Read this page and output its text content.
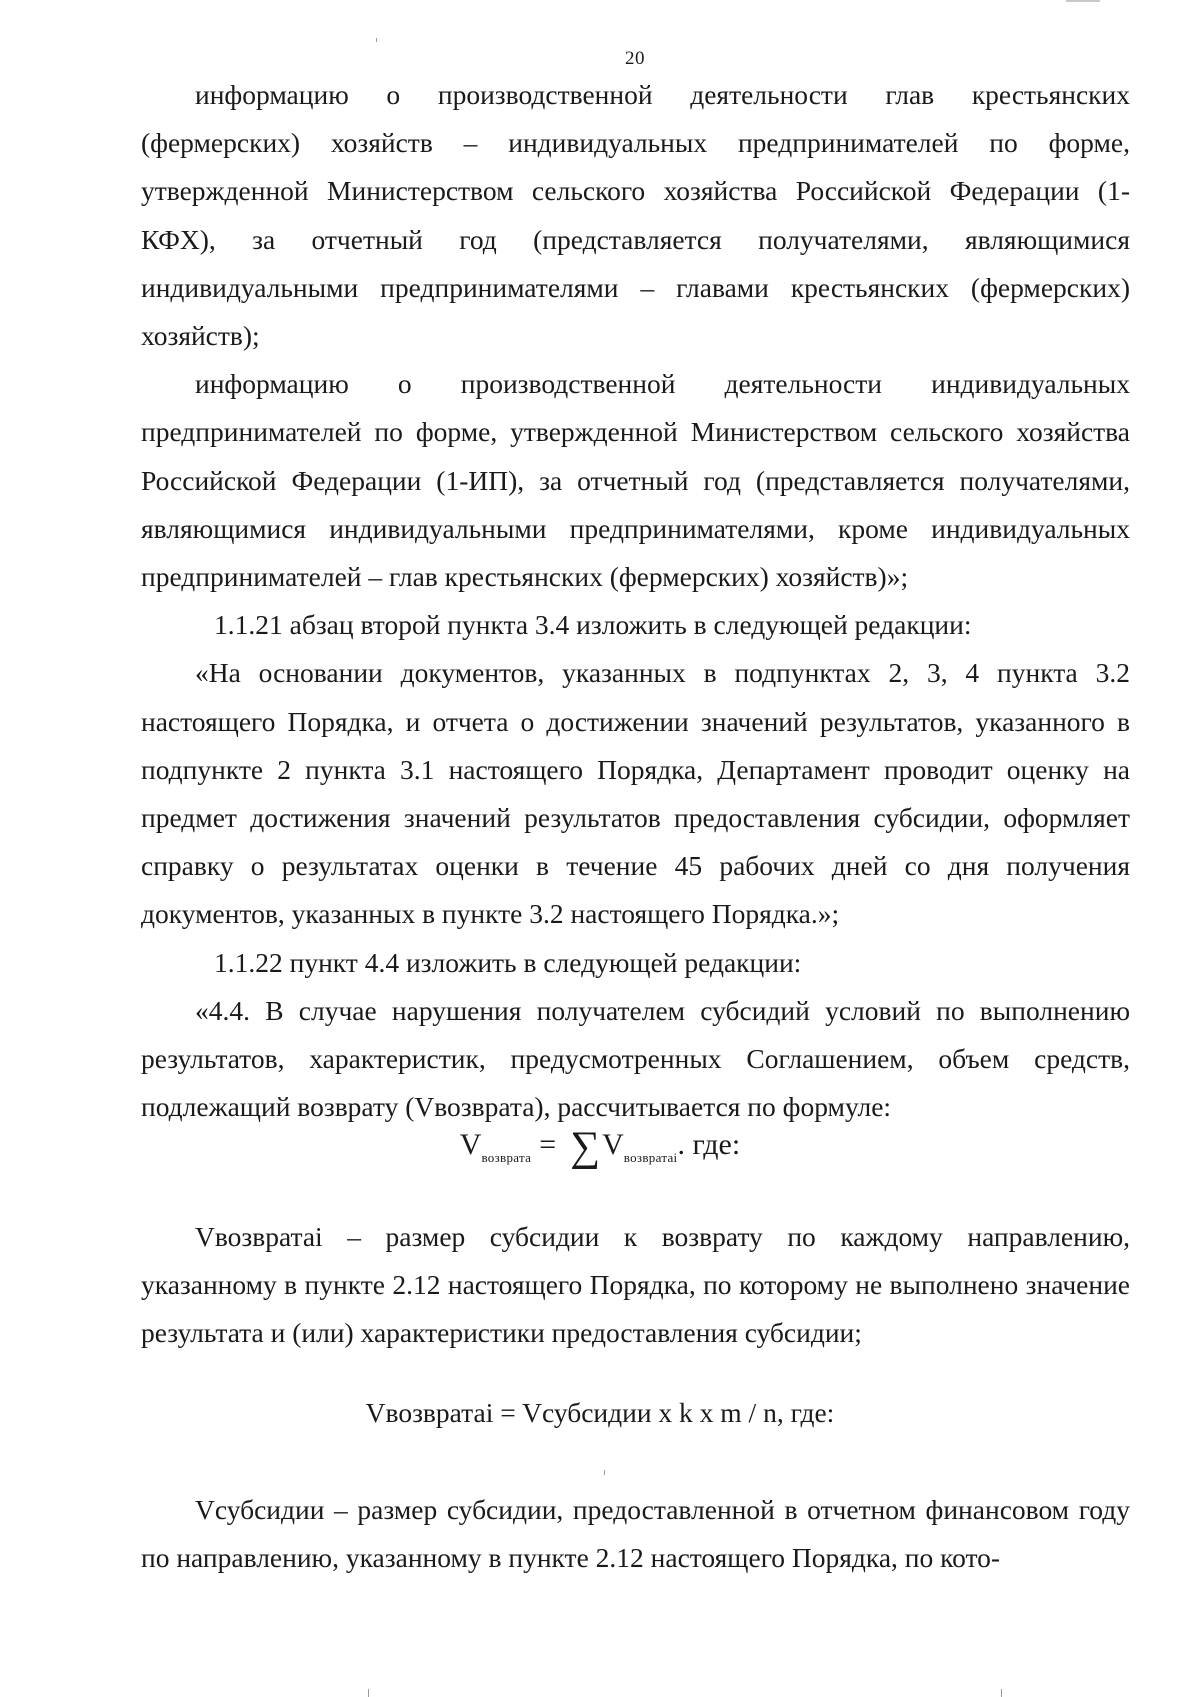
20

информацию о производственной деятельности глав крестьянских (фермерских) хозяйств – индивидуальных предпринимателей по форме, утвержденной Министерством сельского хозяйства Российской Федерации (1-КФХ), за отчетный год (представляется получателями, являющимися индивидуальными предпринимателями – главами крестьянских (фермерских) хозяйств);

информацию о производственной деятельности индивидуальных предпринимателей по форме, утвержденной Министерством сельского хозяйства Российской Федерации (1-ИП), за отчетный год (представляется получателями, являющимися индивидуальными предпринимателями, кроме индивидуальных предпринимателей – глав крестьянских (фермерских) хозяйств)»;

1.1.21 абзац второй пункта 3.4 изложить в следующей редакции:

«На основании документов, указанных в подпунктах 2, 3, 4 пункта 3.2 настоящего Порядка, и отчета о достижении значений результатов, указанного в подпункте 2 пункта 3.1 настоящего Порядка, Департамент проводит оценку на предмет достижения значений результатов предоставления субсидии, оформляет справку о результатах оценки в течение 45 рабочих дней со дня получения документов, указанных в пункте 3.2 настоящего Порядка.»;

1.1.22 пункт 4.4 изложить в следующей редакции:

«4.4. В случае нарушения получателем субсидий условий по выполнению результатов, характеристик, предусмотренных Соглашением, объем средств, подлежащий возврату (Vвозврата), рассчитывается по формуле:

$V_{возврата} = \sum V_{возвратаi}$. где:

Vвозвратаi – размер субсидии к возврату по каждому направлению, указанному в пункте 2.12 настоящего Порядка, по которому не выполнено значение результата и (или) характеристики предоставления субсидии;

Vвозвратаi = Vсубсидии x k x m / n, где:

Vсубсидии – размер субсидии, предоставленной в отчетном финансовом году по направлению, указанному в пункте 2.12 настоящего Порядка, по кото-
